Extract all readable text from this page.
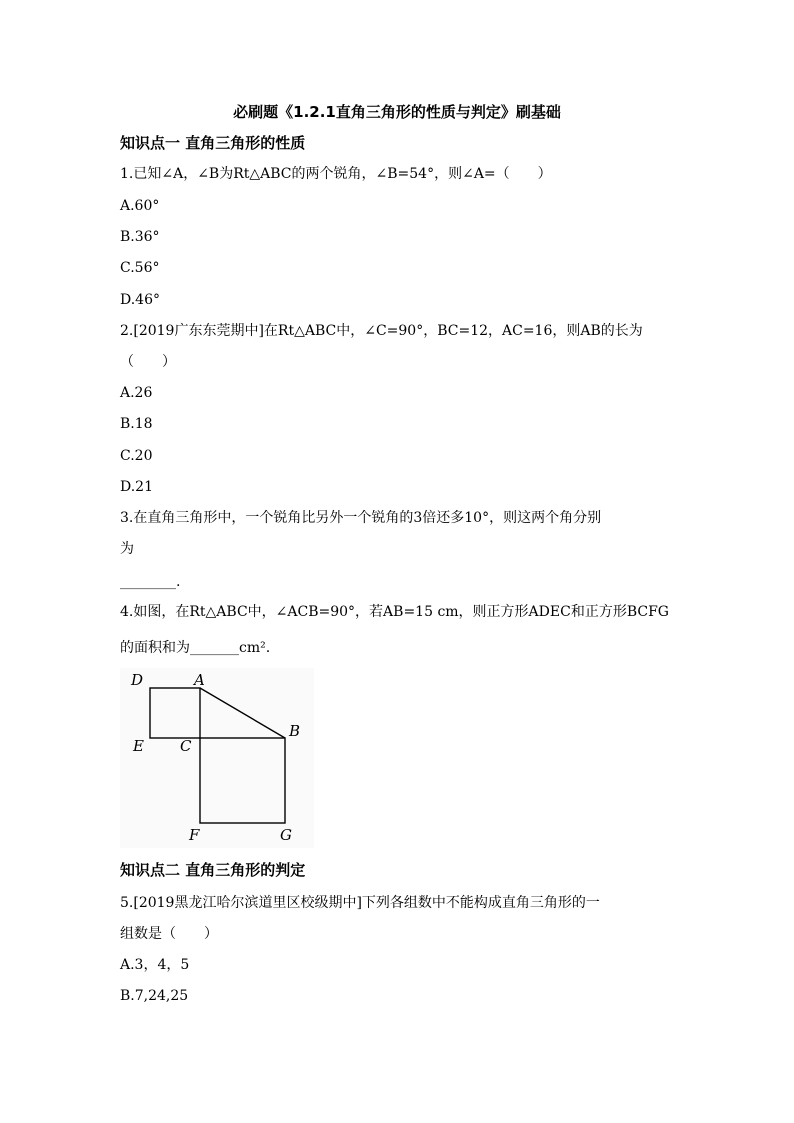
必刷题《1.2.1直角三角形的性质与判定》刷基础
知识点一 直角三角形的性质
1.已知∠A，∠B为Rt△ABC的两个锐角，∠B=54°，则∠A=（　　）
A.60°
B.36°
C.56°
D.46°
2.[2019广东东莞期中]在Rt△ABC中，∠C=90°，BC=12，AC=16，则AB的长为
（　　）
A.26
B.18
C.20
D.21
3.在直角三角形中，一个锐角比另外一个锐角的3倍还多10°，则这两个角分别
为
________.
4.如图，在Rt△ABC中，∠ACB=90°，若AB=15 cm，则正方形ADEC和正方形BCFG
的面积和为_______cm².
D	A
B
E C
F	G
知识点二 直角三角形的判定
5.[2019黑龙江哈尔滨道里区校级期中]下列各组数中不能构成直角三角形的一
组数是（　　）
A.3，4，5
B.7,24,25
